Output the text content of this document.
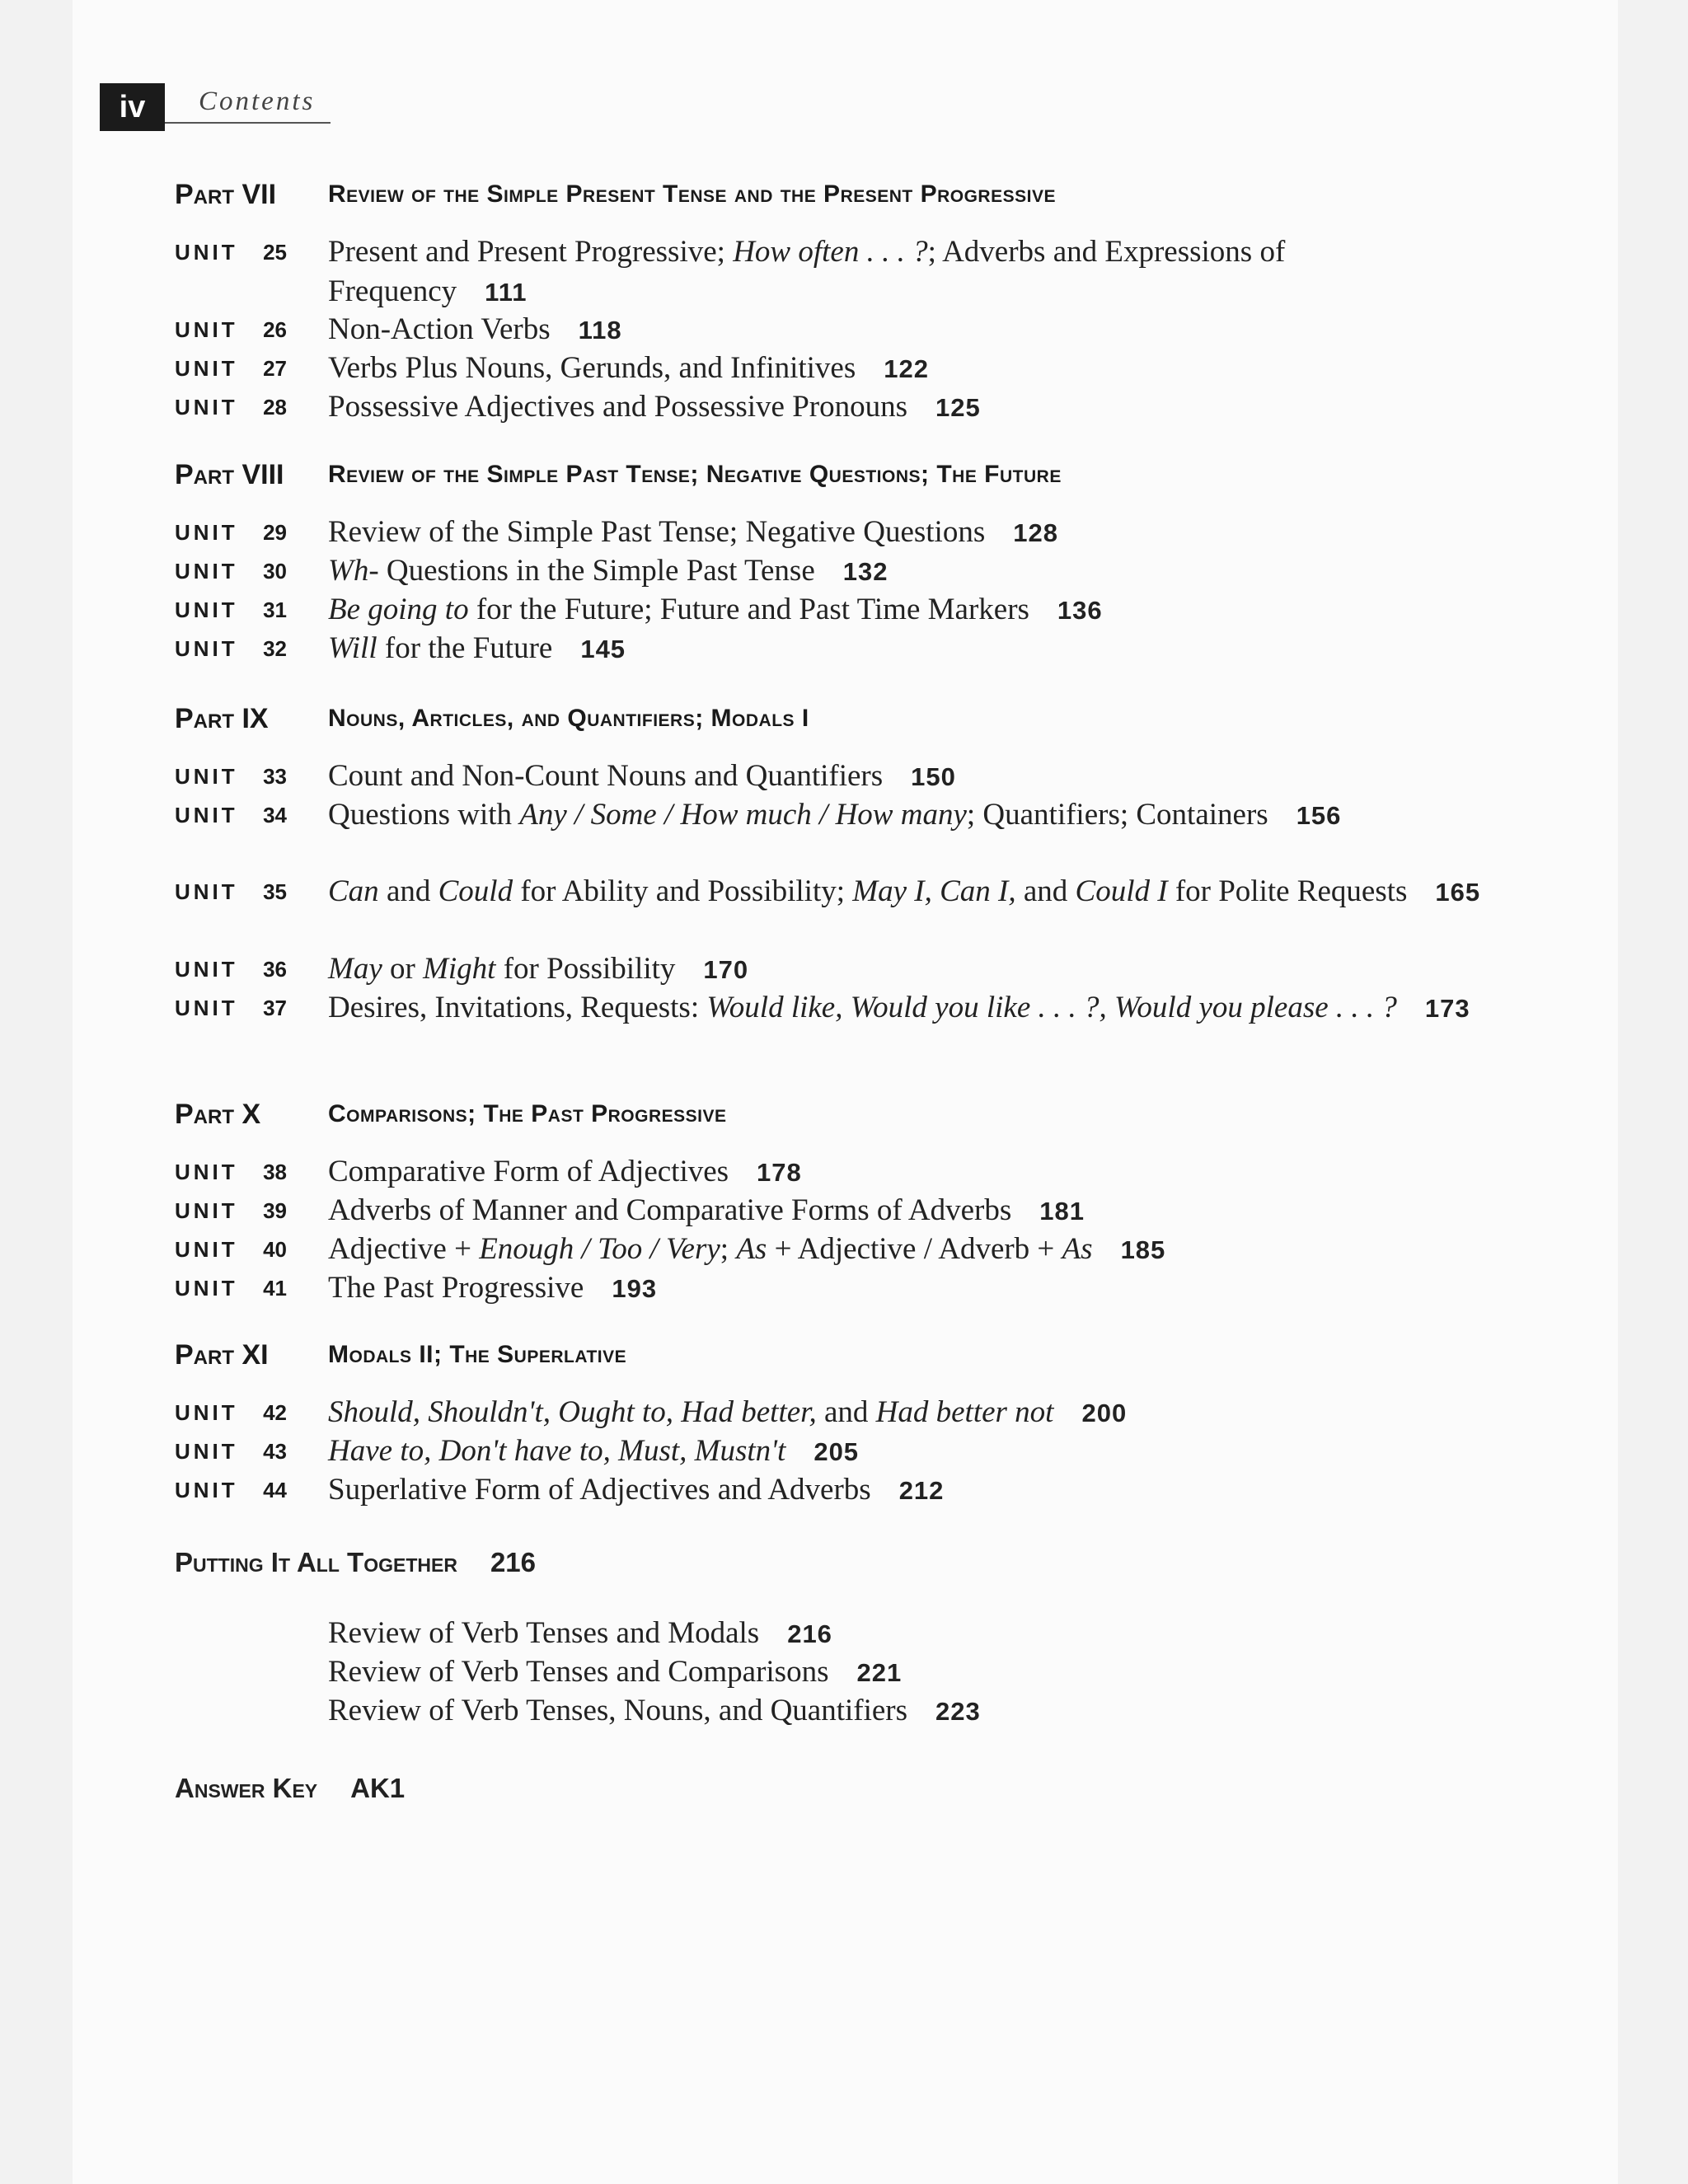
iv	Contents
Part VII Review of the Simple Present Tense and the Present Progressive
UNIT 25 Present and Present Progressive; How often . . . ?; Adverbs and Expressions of Frequency 111
UNIT 26 Non-Action Verbs 118
UNIT 27 Verbs Plus Nouns, Gerunds, and Infinitives 122
UNIT 28 Possessive Adjectives and Possessive Pronouns 125
Part VIII Review of the Simple Past Tense; Negative Questions; The Future
UNIT 29 Review of the Simple Past Tense; Negative Questions 128
UNIT 30 Wh- Questions in the Simple Past Tense 132
UNIT 31 Be going to for the Future; Future and Past Time Markers 136
UNIT 32 Will for the Future 145
Part IX Nouns, Articles, and Quantifiers; Modals I
UNIT 33 Count and Non-Count Nouns and Quantifiers 150
UNIT 34 Questions with Any / Some / How much / How many; Quantifiers; Containers 156
UNIT 35 Can and Could for Ability and Possibility; May I, Can I, and Could I for Polite Requests 165
UNIT 36 May or Might for Possibility 170
UNIT 37 Desires, Invitations, Requests: Would like, Would you like . . . ?, Would you please . . . ? 173
Part X	Comparisons; The Past Progressive
UNIT 38 Comparative Form of Adjectives 178
UNIT 39 Adverbs of Manner and Comparative Forms of Adverbs 181
UNIT 40 Adjective + Enough / Too / Very; As + Adjective / Adverb + As 185
UNIT 41 The Past Progressive 193
Part XI Modals II; The Superlative
UNIT 42 Should, Shouldn't, Ought to, Had better, and Had better not 200
UNIT 43 Have to, Don't have to, Must, Mustn't 205
UNIT 44 Superlative Form of Adjectives and Adverbs 212
Putting It All Together 216
Review of Verb Tenses and Modals 216
Review of Verb Tenses and Comparisons 221
Review of Verb Tenses, Nouns, and Quantifiers 223
Answer Key AK1
